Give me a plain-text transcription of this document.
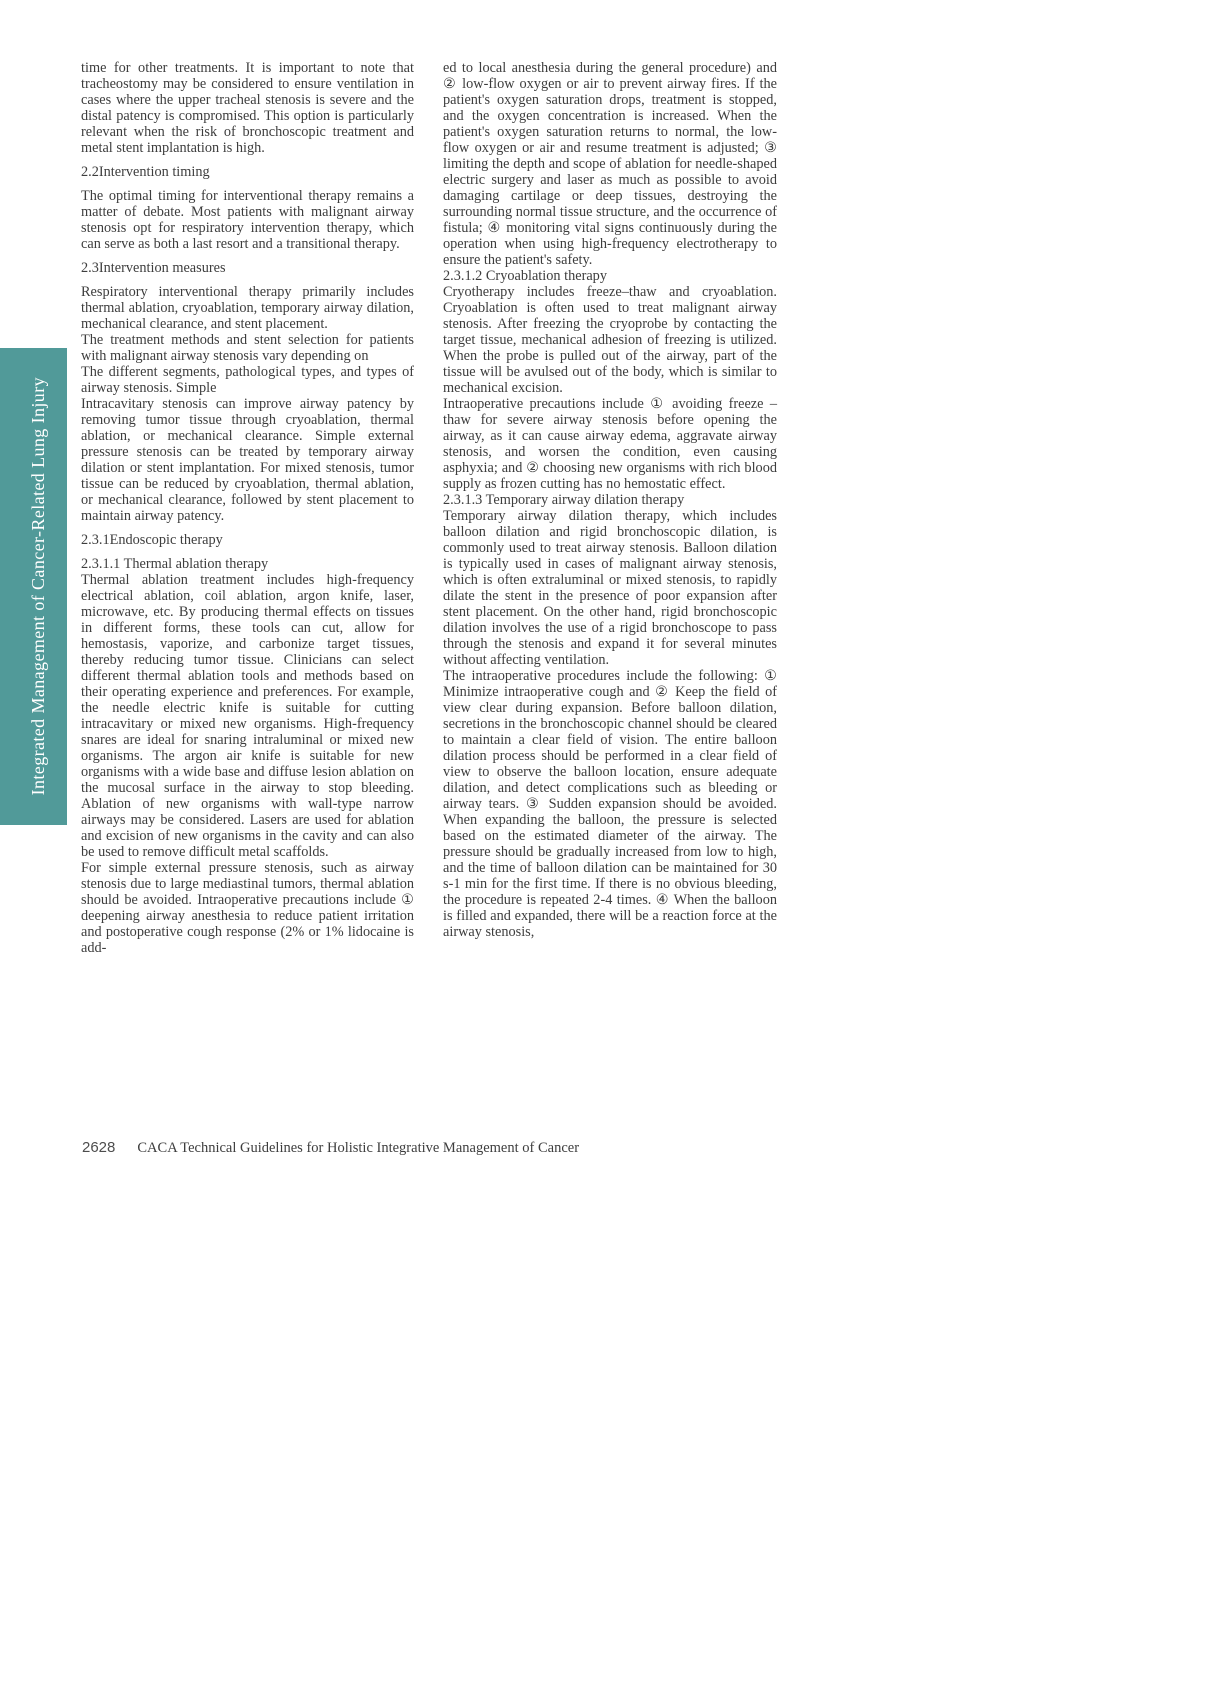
Integrated Management of Cancer-Related Lung Injury
time for other treatments. It is important to note that tracheostomy may be considered to ensure ventilation in cases where the upper tracheal stenosis is severe and the distal patency is compromised. This option is particularly relevant when the risk of bronchoscopic treatment and metal stent implantation is high.
2.2Intervention timing
The optimal timing for interventional therapy remains a matter of debate. Most patients with malignant airway stenosis opt for respiratory intervention therapy, which can serve as both a last resort and a transitional therapy.
2.3Intervention measures
Respiratory interventional therapy primarily includes thermal ablation, cryoablation, temporary airway dilation, mechanical clearance, and stent placement.
The treatment methods and stent selection for patients with malignant airway stenosis vary depending on
The different segments, pathological types, and types of airway stenosis. Simple
Intracavitary stenosis can improve airway patency by removing tumor tissue through cryoablation, thermal ablation, or mechanical clearance. Simple external pressure stenosis can be treated by temporary airway dilation or stent implantation. For mixed stenosis, tumor tissue can be reduced by cryoablation, thermal ablation, or mechanical clearance, followed by stent placement to maintain airway patency.
2.3.1Endoscopic therapy
2.3.1.1 Thermal ablation therapy
Thermal ablation treatment includes high-frequency electrical ablation, coil ablation, argon knife, laser, microwave, etc. By producing thermal effects on tissues in different forms, these tools can cut, allow for hemostasis, vaporize, and carbonize target tissues, thereby reducing tumor tissue. Clinicians can select different thermal ablation tools and methods based on their operating experience and preferences. For example, the needle electric knife is suitable for cutting intracavitary or mixed new organisms. High-frequency snares are ideal for snaring intraluminal or mixed new organisms. The argon air knife is suitable for new organisms with a wide base and diffuse lesion ablation on the mucosal surface in the airway to stop bleeding. Ablation of new organisms with wall-type narrow airways may be considered. Lasers are used for ablation and excision of new organisms in the cavity and can also be used to remove difficult metal scaffolds.
For simple external pressure stenosis, such as airway stenosis due to large mediastinal tumors, thermal ablation should be avoided. Intraoperative precautions include ① deepening airway anesthesia to reduce patient irritation and postoperative cough response (2% or 1% lidocaine is add-
ed to local anesthesia during the general procedure) and ② low-flow oxygen or air to prevent airway fires. If the patient's oxygen saturation drops, treatment is stopped, and the oxygen concentration is increased. When the patient's oxygen saturation returns to normal, the low-flow oxygen or air and resume treatment is adjusted; ③ limiting the depth and scope of ablation for needle-shaped electric surgery and laser as much as possible to avoid damaging cartilage or deep tissues, destroying the surrounding normal tissue structure, and the occurrence of fistula; ④ monitoring vital signs continuously during the operation when using high-frequency electrotherapy to ensure the patient's safety.
2.3.1.2 Cryoablation therapy
Cryotherapy includes freeze–thaw and cryoablation. Cryoablation is often used to treat malignant airway stenosis. After freezing the cryoprobe by contacting the target tissue, mechanical adhesion of freezing is utilized. When the probe is pulled out of the airway, part of the tissue will be avulsed out of the body, which is similar to mechanical excision.
Intraoperative precautions include ① avoiding freeze – thaw for severe airway stenosis before opening the airway, as it can cause airway edema, aggravate airway stenosis, and worsen the condition, even causing asphyxia; and ② choosing new organisms with rich blood supply as frozen cutting has no hemostatic effect.
2.3.1.3 Temporary airway dilation therapy
Temporary airway dilation therapy, which includes balloon dilation and rigid bronchoscopic dilation, is commonly used to treat airway stenosis. Balloon dilation is typically used in cases of malignant airway stenosis, which is often extraluminal or mixed stenosis, to rapidly dilate the stent in the presence of poor expansion after stent placement. On the other hand, rigid bronchoscopic dilation involves the use of a rigid bronchoscope to pass through the stenosis and expand it for several minutes without affecting ventilation.
The intraoperative procedures include the following: ① Minimize intraoperative cough and ② Keep the field of view clear during expansion. Before balloon dilation, secretions in the bronchoscopic channel should be cleared to maintain a clear field of vision. The entire balloon dilation process should be performed in a clear field of view to observe the balloon location, ensure adequate dilation, and detect complications such as bleeding or airway tears. ③ Sudden expansion should be avoided. When expanding the balloon, the pressure is selected based on the estimated diameter of the airway. The pressure should be gradually increased from low to high, and the time of balloon dilation can be maintained for 30 s-1 min for the first time. If there is no obvious bleeding, the procedure is repeated 2-4 times. ④ When the balloon is filled and expanded, there will be a reaction force at the airway stenosis,
2628 CACA Technical Guidelines for Holistic Integrative Management of Cancer
